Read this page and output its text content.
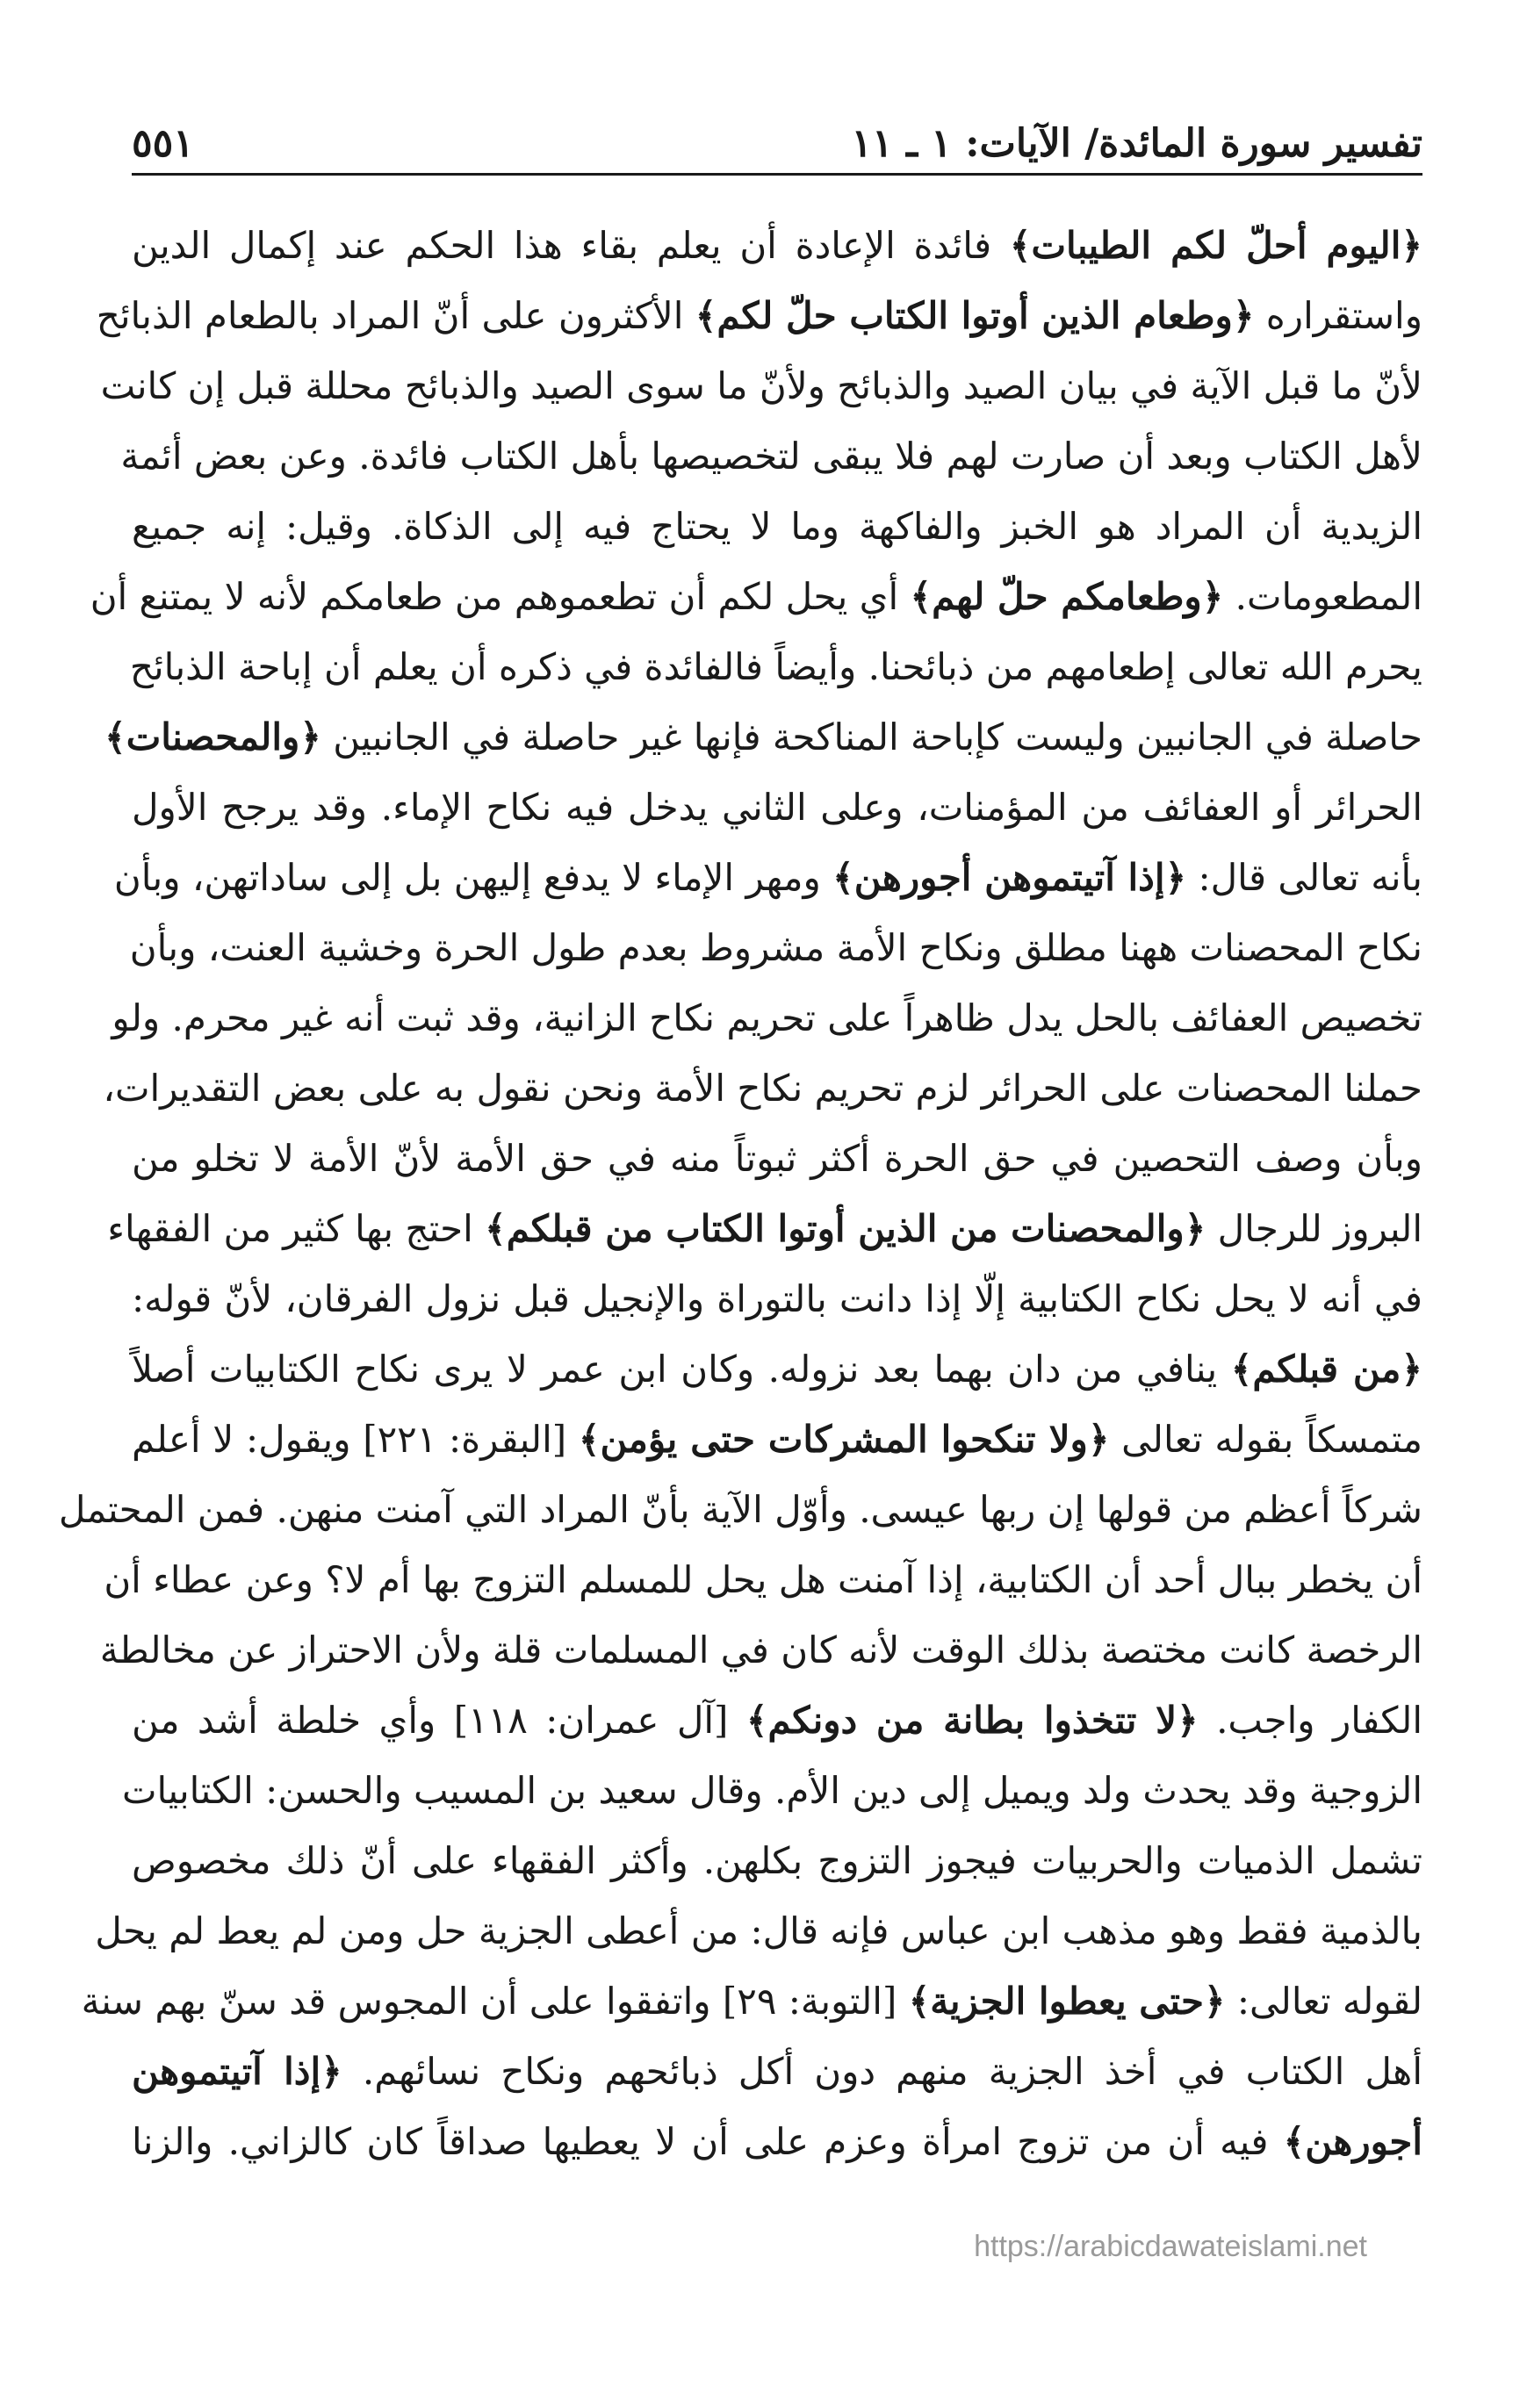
تفسير سورة المائدة/ الآيات: ١ ـ ١١
٥٥١
﴿اليوم أحلّ لكم الطيبات﴾ فائدة الإعادة أن يعلم بقاء هذا الحكم عند إكمال الدين
واستقراره ﴿وطعام الذين أوتوا الكتاب حلّ لكم﴾ الأكثرون على أنّ المراد بالطعام الذبائح
لأنّ ما قبل الآية في بيان الصيد والذبائح ولأنّ ما سوى الصيد والذبائح محللة قبل إن كانت
لأهل الكتاب وبعد أن صارت لهم فلا يبقى لتخصيصها بأهل الكتاب فائدة. وعن بعض أئمة
الزيدية أن المراد هو الخبز والفاكهة وما لا يحتاج فيه إلى الذكاة. وقيل: إنه جميع
المطعومات. ﴿وطعامكم حلّ لهم﴾ أي يحل لكم أن تطعموهم من طعامكم لأنه لا يمتنع أن
يحرم الله تعالى إطعامهم من ذبائحنا. وأيضاً فالفائدة في ذكره أن يعلم أن إباحة الذبائح
حاصلة في الجانبين وليست كإباحة المناكحة فإنها غير حاصلة في الجانبين ﴿والمحصنات﴾
الحرائر أو العفائف من المؤمنات، وعلى الثاني يدخل فيه نكاح الإماء. وقد يرجح الأول
بأنه تعالى قال: ﴿إذا آتيتموهن أجورهن﴾ ومهر الإماء لا يدفع إليهن بل إلى ساداتهن، وبأن
نكاح المحصنات ههنا مطلق ونكاح الأمة مشروط بعدم طول الحرة وخشية العنت، وبأن
تخصيص العفائف بالحل يدل ظاهراً على تحريم نكاح الزانية، وقد ثبت أنه غير محرم. ولو
حملنا المحصنات على الحرائر لزم تحريم نكاح الأمة ونحن نقول به على بعض التقديرات،
وبأن وصف التحصين في حق الحرة أكثر ثبوتاً منه في حق الأمة لأنّ الأمة لا تخلو من
البروز للرجال ﴿والمحصنات من الذين أوتوا الكتاب من قبلكم﴾ احتج بها كثير من الفقهاء
في أنه لا يحل نكاح الكتابية إلّا إذا دانت بالتوراة والإنجيل قبل نزول الفرقان، لأنّ قوله:
﴿من قبلكم﴾ ينافي من دان بهما بعد نزوله. وكان ابن عمر لا يرى نكاح الكتابيات أصلاً
متمسكاً بقوله تعالى ﴿ولا تنكحوا المشركات حتى يؤمن﴾ [البقرة: ٢٢١] ويقول: لا أعلم
شركاً أعظم من قولها إن ربها عيسى. وأوّل الآية بأنّ المراد التي آمنت منهن. فمن المحتمل
أن يخطر ببال أحد أن الكتابية، إذا آمنت هل يحل للمسلم التزوج بها أم لا؟ وعن عطاء أن
الرخصة كانت مختصة بذلك الوقت لأنه كان في المسلمات قلة ولأن الاحتراز عن مخالطة
الكفار واجب. ﴿لا تتخذوا بطانة من دونكم﴾ [آل عمران: ١١٨] وأي خلطة أشد من
الزوجية وقد يحدث ولد ويميل إلى دين الأم. وقال سعيد بن المسيب والحسن: الكتابيات
تشمل الذميات والحربيات فيجوز التزوج بكلهن. وأكثر الفقهاء على أنّ ذلك مخصوص
بالذمية فقط وهو مذهب ابن عباس فإنه قال: من أعطى الجزية حل ومن لم يعط لم يحل
لقوله تعالى: ﴿حتى يعطوا الجزية﴾ [التوبة: ٢٩] واتفقوا على أن المجوس قد سنّ بهم سنة
أهل الكتاب في أخذ الجزية منهم دون أكل ذبائحهم ونكاح نسائهم. ﴿إذا آتيتموهن
أجورهن﴾ فيه أن من تزوج امرأة وعزم على أن لا يعطيها صداقاً كان كالزاني. والزنا
https://arabicdawateislami.net
